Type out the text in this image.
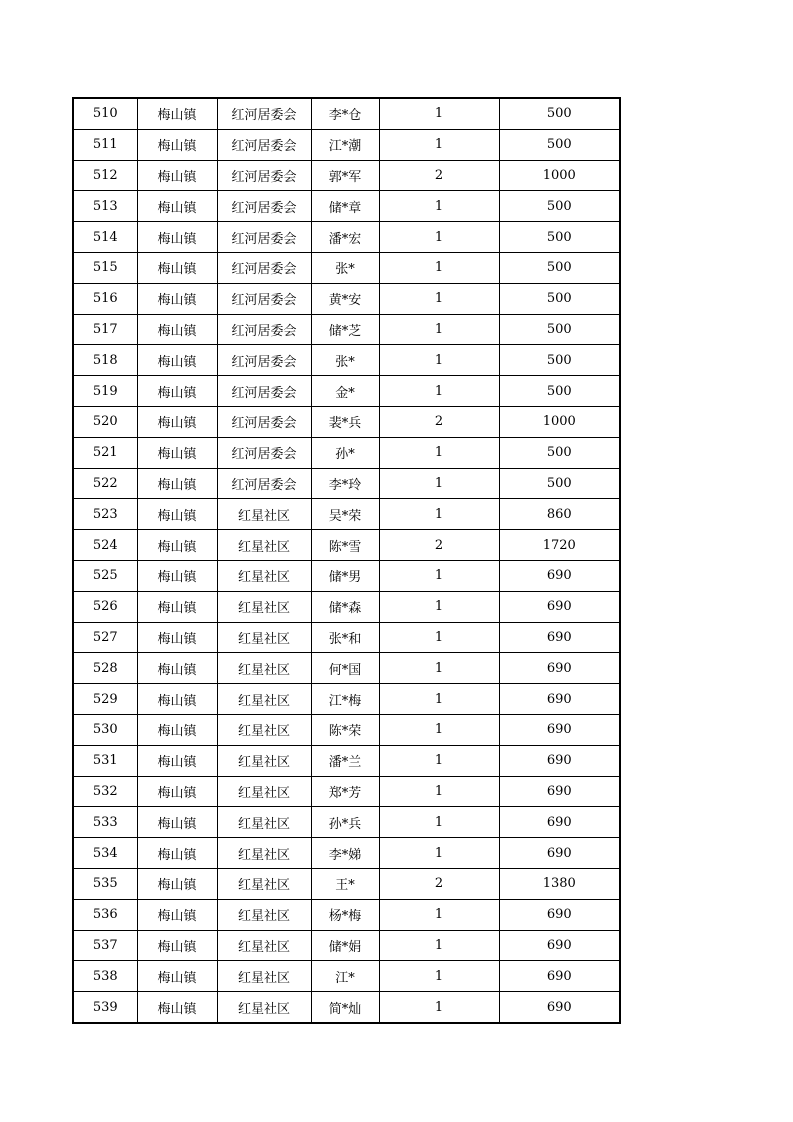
510	梅山镇	红河居委会	李*仓	1	500
511	梅山镇	红河居委会	江*潮	1	500
512	梅山镇	红河居委会	郭*军	2	1000
513	梅山镇	红河居委会	储*章	1	500
514	梅山镇	红河居委会	潘*宏	1	500
515	梅山镇	红河居委会	张*	1	500
516	梅山镇	红河居委会	黄*安	1	500
517	梅山镇	红河居委会	储*芝	1	500
518	梅山镇	红河居委会	张*	1	500
519	梅山镇	红河居委会	金*	1	500
520	梅山镇	红河居委会	裴*兵	2	1000
521	梅山镇	红河居委会	孙*	1	500
522	梅山镇	红河居委会	李*玲	1	500
523	梅山镇	红星社区	吴*荣	1	860
524	梅山镇	红星社区	陈*雪	2	1720
525	梅山镇	红星社区	储*男	1	690
526	梅山镇	红星社区	储*森	1	690
527	梅山镇	红星社区	张*和	1	690
528	梅山镇	红星社区	何*国	1	690
529	梅山镇	红星社区	江*梅	1	690
530	梅山镇	红星社区	陈*荣	1	690
531	梅山镇	红星社区	潘*兰	1	690
532	梅山镇	红星社区	郑*芳	1	690
533	梅山镇	红星社区	孙*兵	1	690
534	梅山镇	红星社区	李*娣	1	690
535	梅山镇	红星社区	王*	2	1380
536	梅山镇	红星社区	杨*梅	1	690
537	梅山镇	红星社区	储*娟	1	690
538	梅山镇	红星社区	江*	1	690
539	梅山镇	红星社区	简*灿	1	690
